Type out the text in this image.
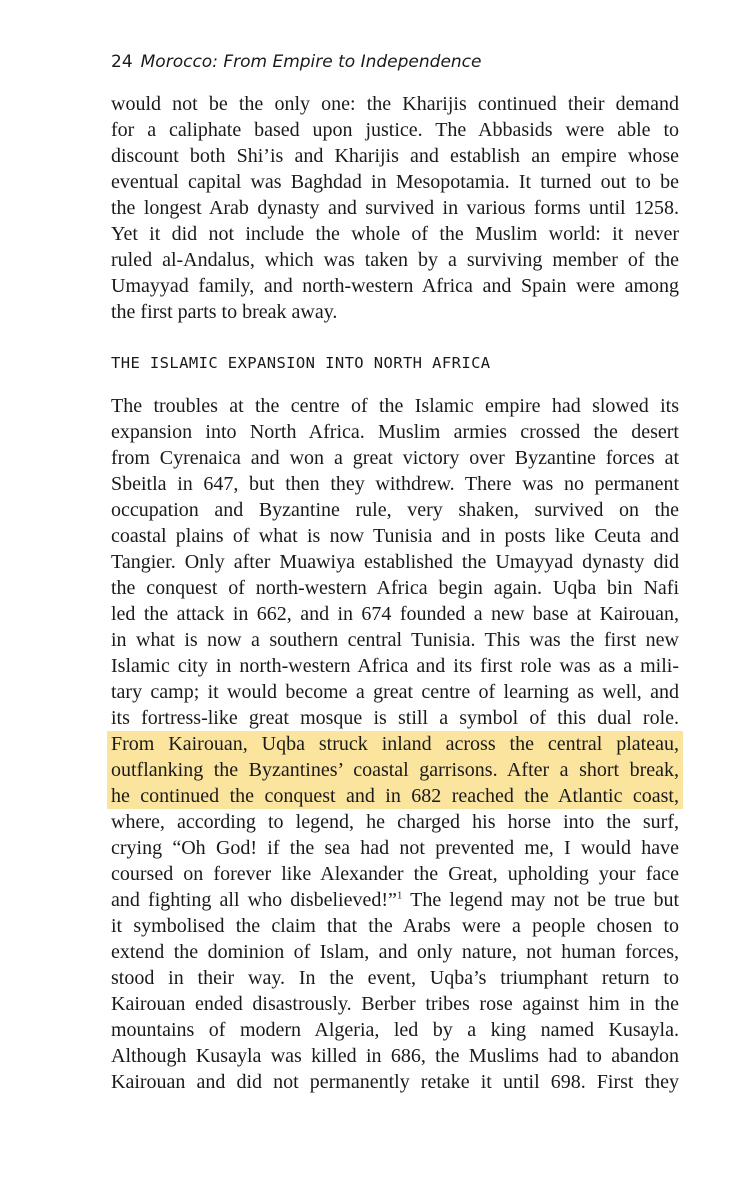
24 Morocco: From Empire to Independence
would not be the only one: the Kharijis continued their demand
for a caliphate based upon justice. The Abbasids were able to
discount both Shi’is and Kharijis and establish an empire whose
eventual capital was Baghdad in Mesopotamia. It turned out to be
the longest Arab dynasty and survived in various forms until 1258.
Yet it did not include the whole of the Muslim world: it never
ruled al-Andalus, which was taken by a surviving member of the
Umayyad family, and north-western Africa and Spain were among
the first parts to break away.
THE ISLAMIC EXPANSION INTO NORTH AFRICA
The troubles at the centre of the Islamic empire had slowed its
expansion into North Africa. Muslim armies crossed the desert
from Cyrenaica and won a great victory over Byzantine forces at
Sbeitla in 647, but then they withdrew. There was no permanent
occupation and Byzantine rule, very shaken, survived on the
coastal plains of what is now Tunisia and in posts like Ceuta and
Tangier. Only after Muawiya established the Umayyad dynasty did
the conquest of north-western Africa begin again. Uqba bin Nafi
led the attack in 662, and in 674 founded a new base at Kairouan,
in what is now a southern central Tunisia. This was the first new
Islamic city in north-western Africa and its first role was as a mili-
tary camp; it would become a great centre of learning as well, and
its fortress-like great mosque is still a symbol of this dual role.
From Kairouan, Uqba struck inland across the central plateau,
outflanking the Byzantines’ coastal garrisons. After a short break,
he continued the conquest and in 682 reached the Atlantic coast,
where, according to legend, he charged his horse into the surf,
crying “Oh God! if the sea had not prevented me, I would have
coursed on forever like Alexander the Great, upholding your face
and fighting all who disbelieved!”$^1$ The legend may not be true but
it symbolised the claim that the Arabs were a people chosen to
extend the dominion of Islam, and only nature, not human forces,
stood in their way. In the event, Uqba’s triumphant return to
Kairouan ended disastrously. Berber tribes rose against him in the
mountains of modern Algeria, led by a king named Kusayla.
Although Kusayla was killed in 686, the Muslims had to abandon
Kairouan and did not permanently retake it until 698. First they
